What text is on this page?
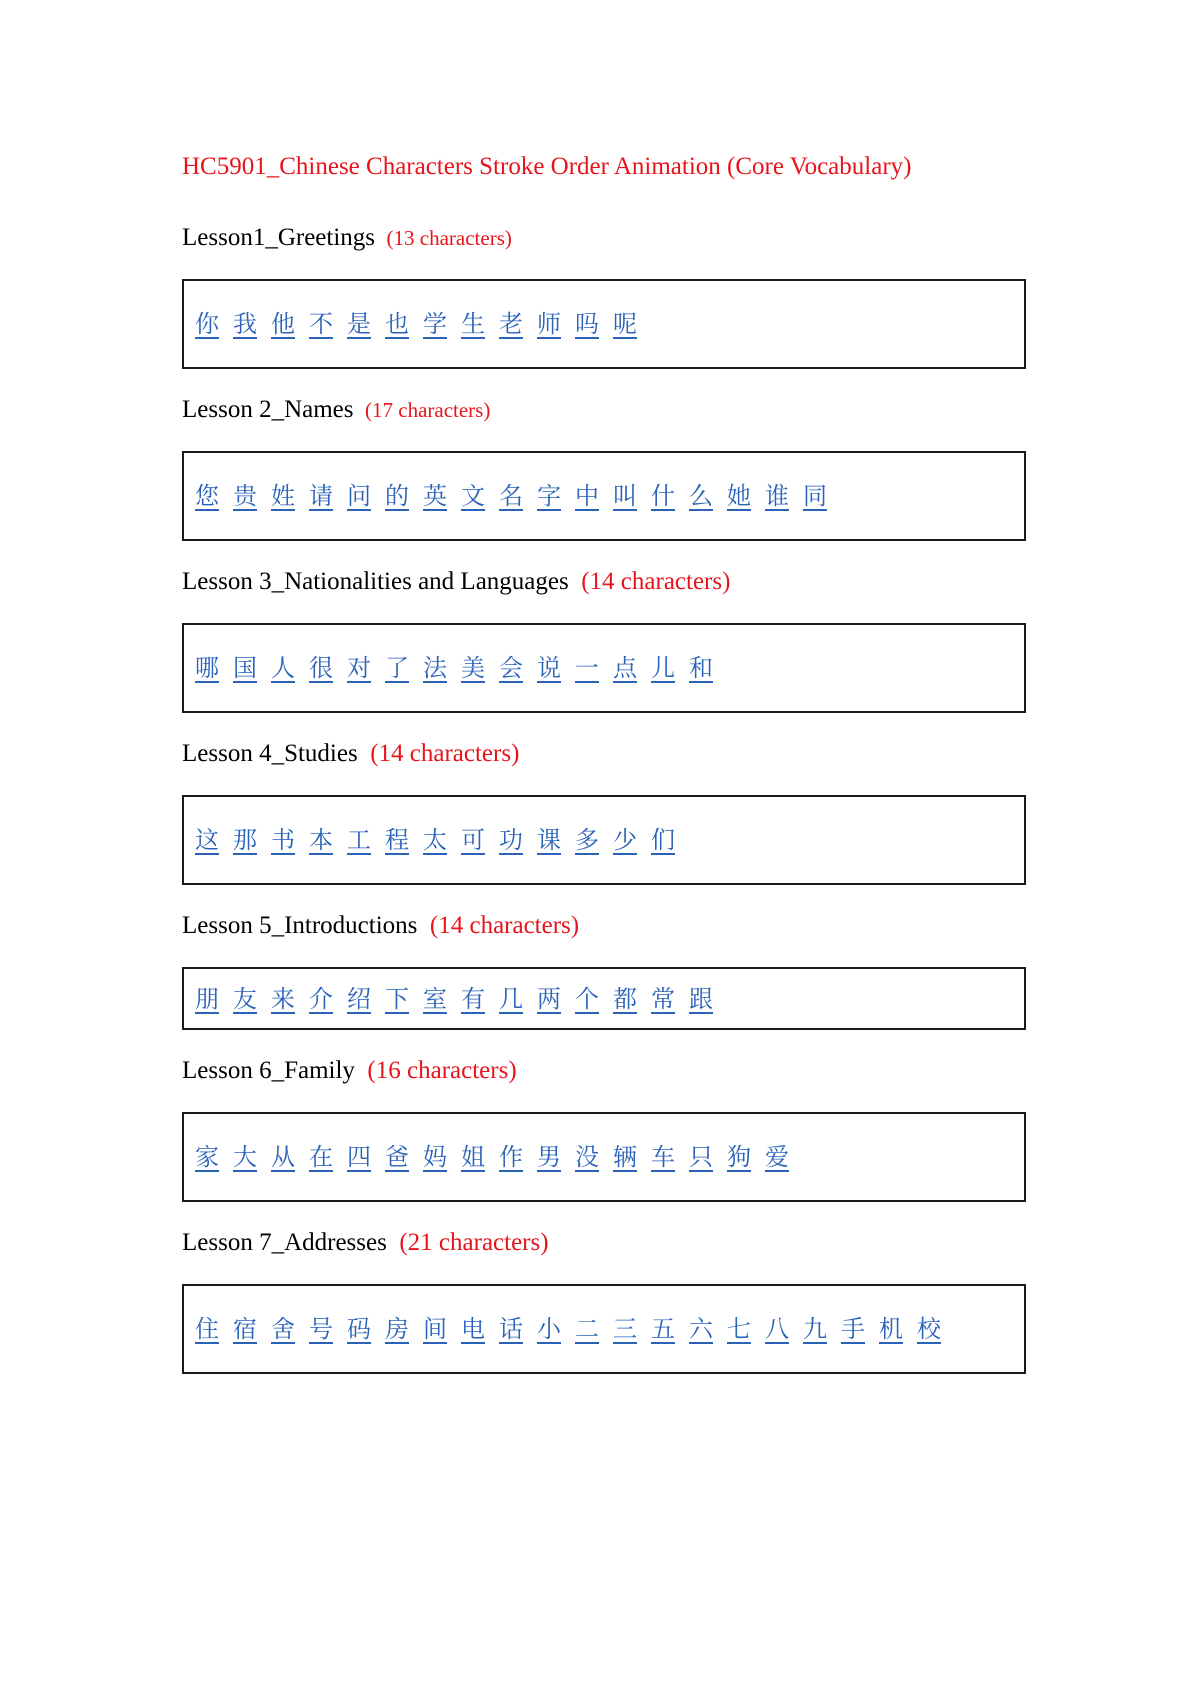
HC5901_Chinese Characters Stroke Order Animation (Core Vocabulary)
Lesson1_Greetings  (13 characters)
你 我 他 不 是 也 学 生 老 师 吗 呢
Lesson 2_Names  (17 characters)
您 贵 姓 请 问 的 英 文 名 字 中 叫 什 么 她 谁 同
Lesson 3_Nationalities and Languages  (14 characters)
哪 国 人 很 对 了 法 美 会 说 一 点 儿 和
Lesson 4_Studies  (14 characters)
这 那 书 本 工 程 太 可 功 课 多 少 们
Lesson 5_Introductions  (14 characters)
朋 友 来 介 绍 下 室 有 几 两 个 都 常 跟
Lesson 6_Family  (16 characters)
家 大 从 在 四 爸 妈 姐 作 男 没 辆 车 只 狗 爱
Lesson 7_Addresses  (21 characters)
住 宿 舍 号 码 房 间 电 话 小 二 三 五 六 七 八 九 手 机 校
